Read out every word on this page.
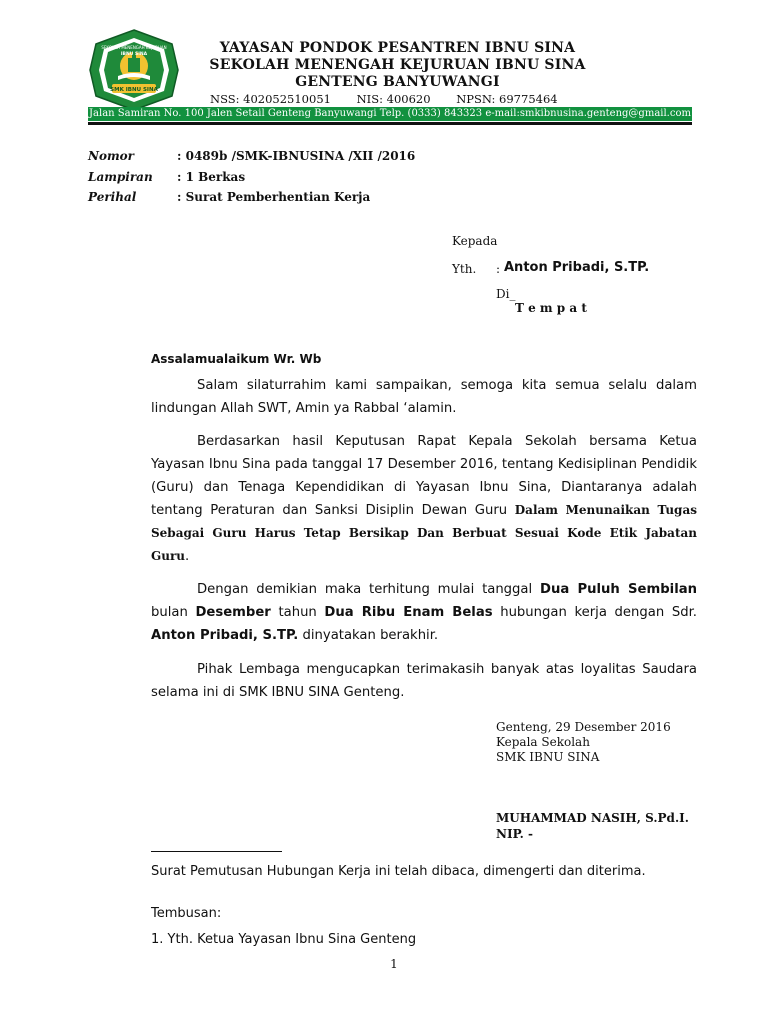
SMK IBNU SINA
SEKOLAH MENENGAH KEJURUAN
IBNU SINA	YAYASAN PONDOK PESANTREN IBNU SINA
SEKOLAH MENENGAH KEJURUAN IBNU SINA
GENTENG BANYUWANGI
NSS: 402052510051 NIS: 400620 NPSN: 69775464
Jalan Samiran No. 100 Jalen Setail Genteng Banyuwangi Telp. (0333) 843323 e-mail:smkibnusina.genteng@gmail.com
Nomor	: 0489b /SMK-IBNUSINA /XII /2016
Lampiran : 1 Berkas
Perihal	: Surat Pemberhentian Kerja
Kepada
Yth. : Anton Pribadi, S.TP.
Di_
T e m p a t
Assalamualaikum Wr. Wb
Salam silaturrahim kami sampaikan, semoga kita semua selalu dalam lindungan Allah SWT, Amin ya Rabbal ‘alamin.
Berdasarkan hasil Keputusan Rapat Kepala Sekolah bersama Ketua Yayasan Ibnu Sina pada tanggal 17 Desember 2016, tentang Kedisiplinan Pendidik (Guru) dan Tenaga Kependidikan di Yayasan Ibnu Sina, Diantaranya adalah tentang Peraturan dan Sanksi Disiplin Dewan Guru Dalam Menunaikan Tugas Sebagai Guru Harus Tetap Bersikap Dan Berbuat Sesuai Kode Etik Jabatan Guru.
Dengan demikian maka terhitung mulai tanggal Dua Puluh Sembilan bulan Desember tahun Dua Ribu Enam Belas hubungan kerja dengan Sdr. Anton Pribadi, S.TP. dinyatakan berakhir.
Pihak Lembaga mengucapkan terimakasih banyak atas loyalitas Saudara selama ini di SMK IBNU SINA Genteng.
Genteng, 29 Desember 2016
Kepala Sekolah
SMK IBNU SINA
MUHAMMAD NASIH, S.Pd.I.
NIP. -
Surat Pemutusan Hubungan Kerja ini telah dibaca, dimengerti dan diterima.
Tembusan:
1. Yth. Ketua Yayasan Ibnu Sina Genteng
1
